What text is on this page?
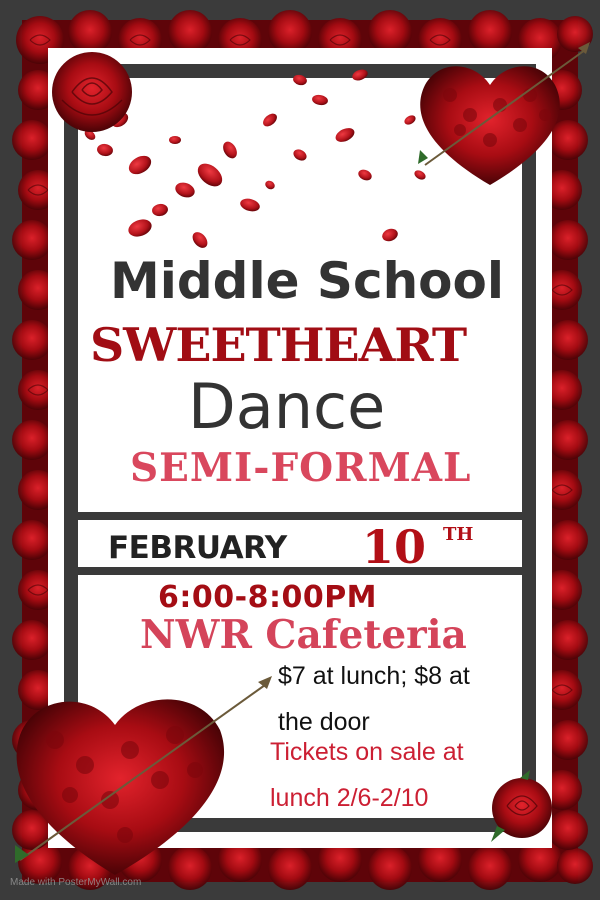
Middle School
SWEETHEART
Dance
SEMI-FORMAL
FEBRUARY 10 TH
6:00-8:00PM
NWR Cafeteria
$7 at lunch; $8 at
the door
Tickets on sale at
lunch 2/6-2/10
Made with PosterMyWall.com
